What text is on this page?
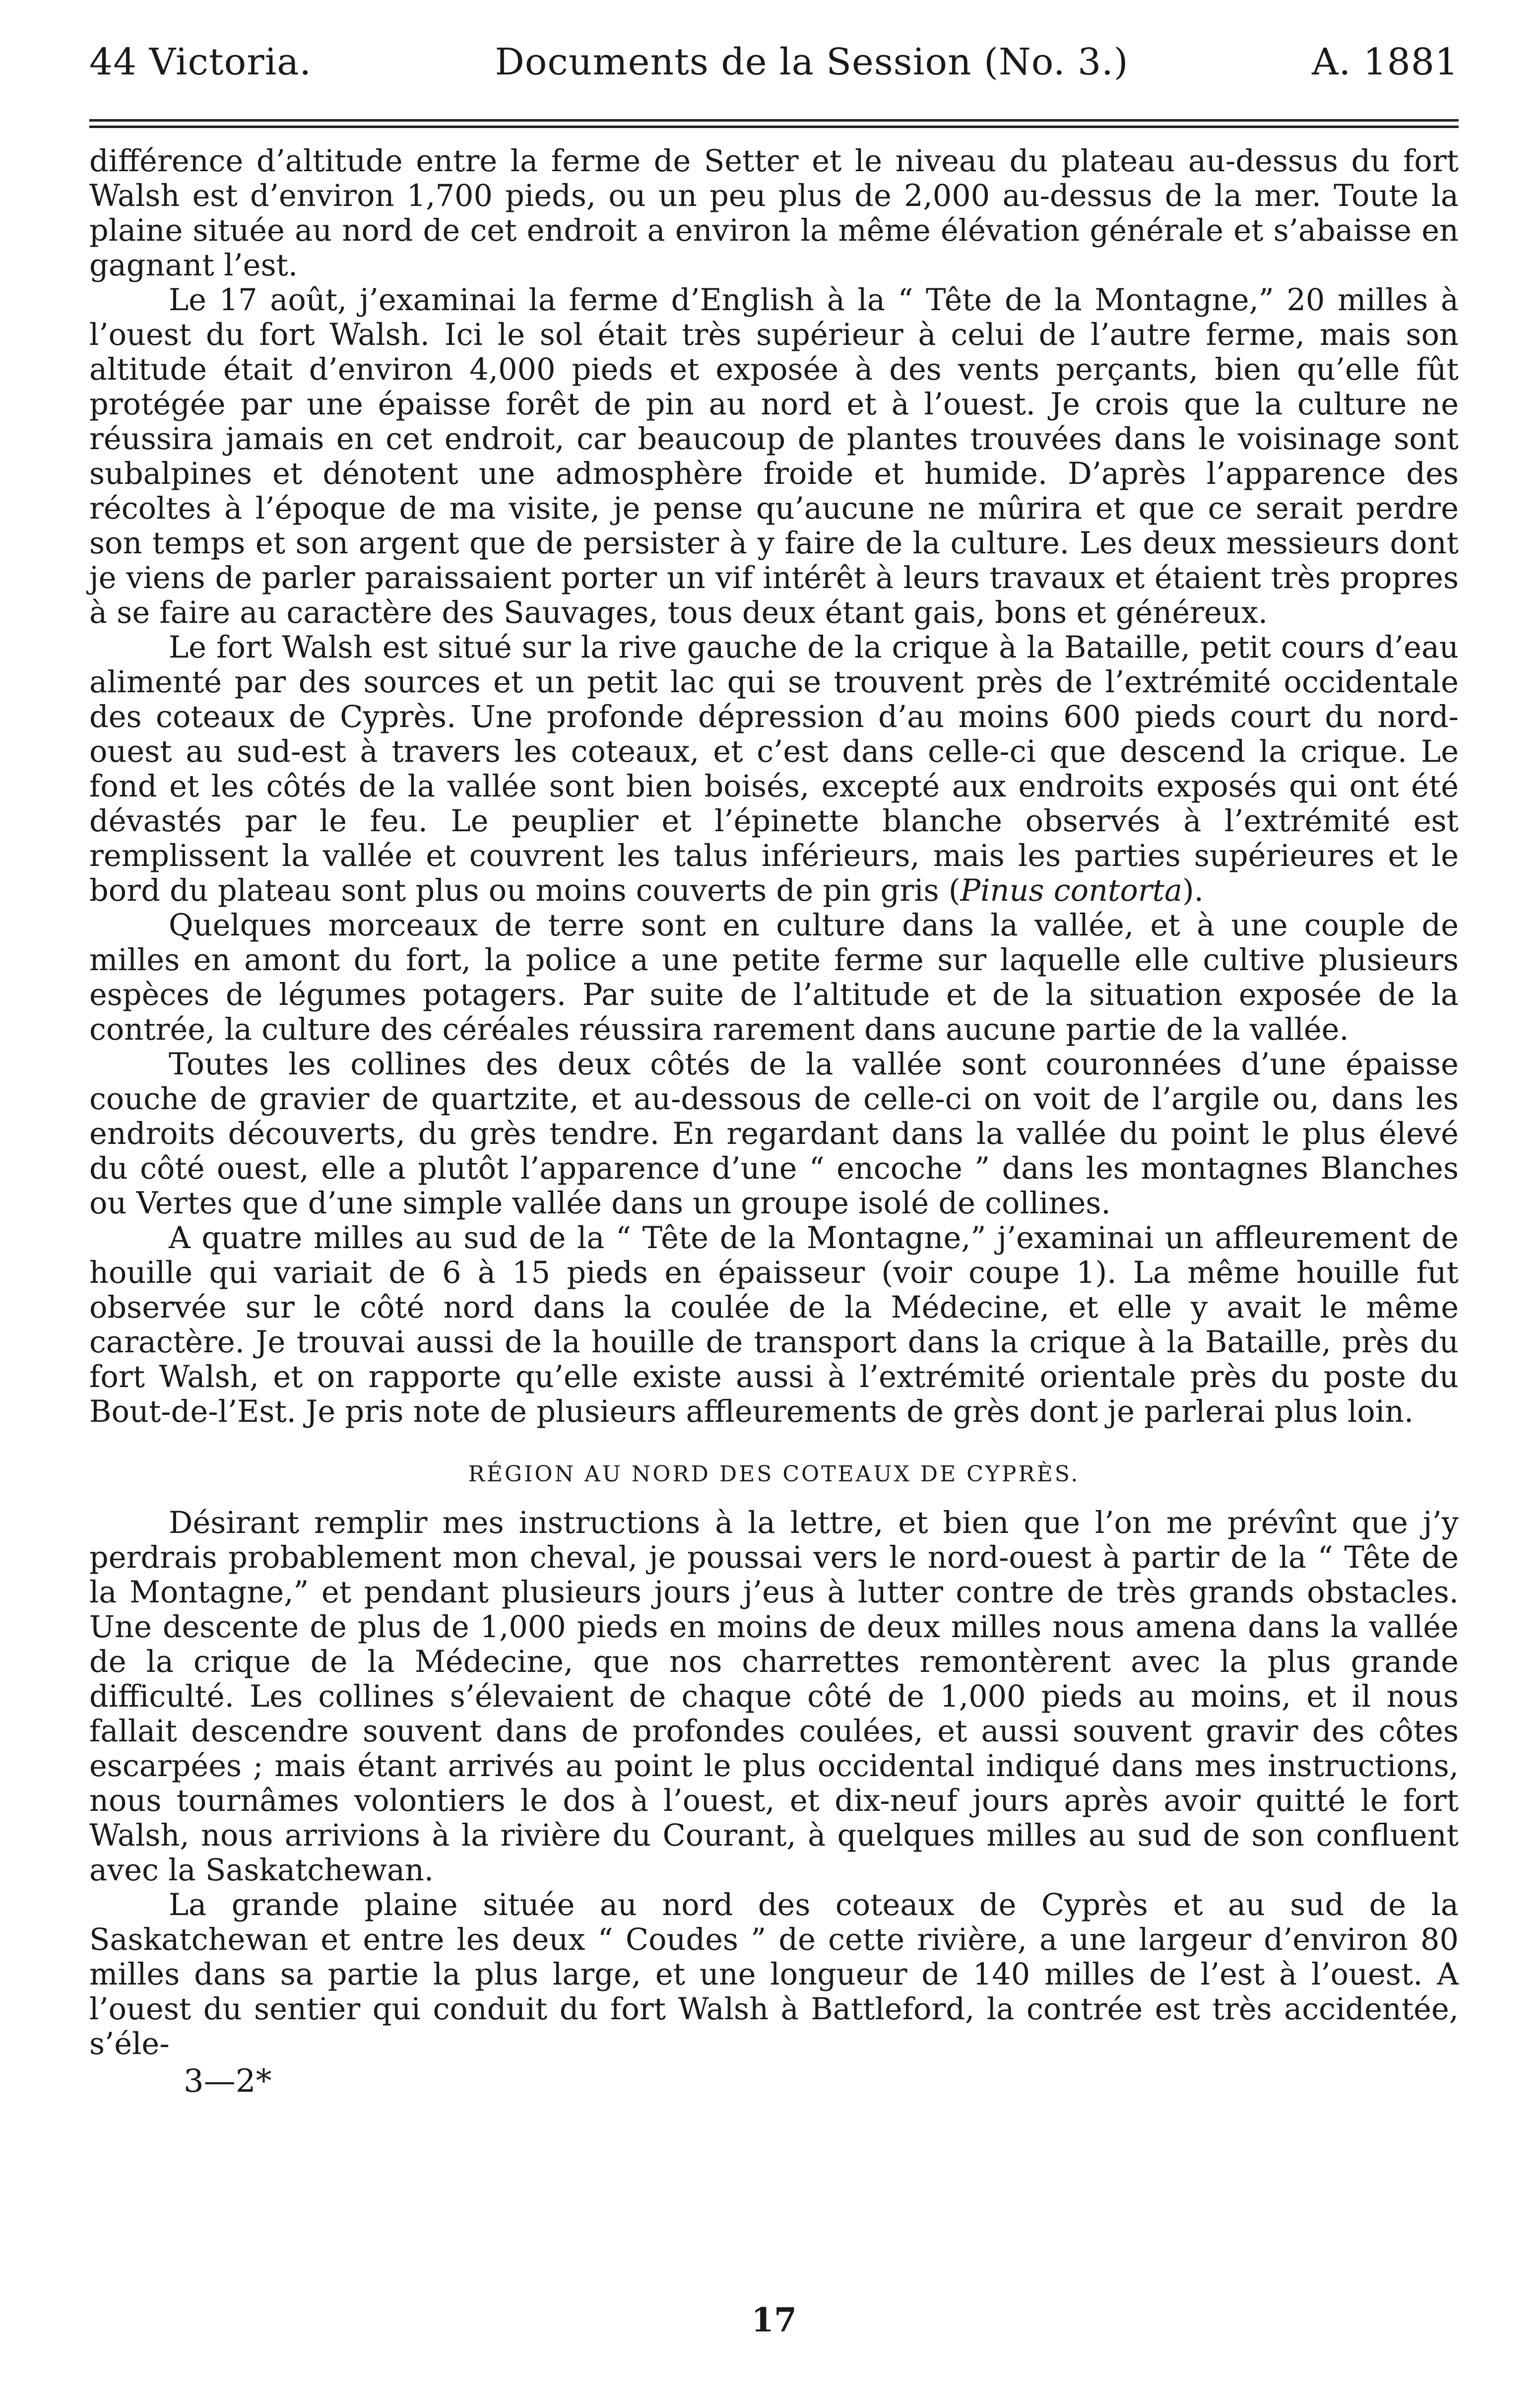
44 Victoria.	Documents de la Session (No. 3.)	A. 1881

différence d’altitude entre la ferme de Setter et le niveau du plateau au-dessus du fort Walsh est d’environ 1,700 pieds, ou un peu plus de 2,000 au-dessus de la mer. Toute la plaine située au nord de cet endroit a environ la même élévation générale et s’abaisse en gagnant l’est.

Le 17 août, j’examinai la ferme d’English à la “ Tête de la Montagne,” 20 milles à l’ouest du fort Walsh. Ici le sol était très supérieur à celui de l’autre ferme, mais son altitude était d’environ 4,000 pieds et exposée à des vents perçants, bien qu’elle fût protégée par une épaisse forêt de pin au nord et à l’ouest. Je crois que la culture ne réussira jamais en cet endroit, car beaucoup de plantes trouvées dans le voisinage sont subalpines et dénotent une admosphère froide et humide. D’après l’apparence des récoltes à l’époque de ma visite, je pense qu’aucune ne mûrira et que ce serait perdre son temps et son argent que de persister à y faire de la culture. Les deux messieurs dont je viens de parler paraissaient porter un vif intérêt à leurs travaux et étaient très propres à se faire au caractère des Sauvages, tous deux étant gais, bons et généreux.

Le fort Walsh est situé sur la rive gauche de la crique à la Bataille, petit cours d’eau alimenté par des sources et un petit lac qui se trouvent près de l’extrémité occidentale des coteaux de Cyprès. Une profonde dépression d’au moins 600 pieds court du nord-ouest au sud-est à travers les coteaux, et c’est dans celle-ci que descend la crique. Le fond et les côtés de la vallée sont bien boisés, excepté aux endroits exposés qui ont été dévastés par le feu. Le peuplier et l’épinette blanche observés à l’extrémité est remplissent la vallée et couvrent les talus inférieurs, mais les parties supérieures et le bord du plateau sont plus ou moins couverts de pin gris (Pinus contorta).

Quelques morceaux de terre sont en culture dans la vallée, et à une couple de milles en amont du fort, la police a une petite ferme sur laquelle elle cultive plusieurs espèces de légumes potagers. Par suite de l’altitude et de la situation exposée de la contrée, la culture des céréales réussira rarement dans aucune partie de la vallée.

Toutes les collines des deux côtés de la vallée sont couronnées d’une épaisse couche de gravier de quartzite, et au-dessous de celle-ci on voit de l’argile ou, dans les endroits découverts, du grès tendre. En regardant dans la vallée du point le plus élevé du côté ouest, elle a plutôt l’apparence d’une “ encoche ” dans les montagnes Blanches ou Vertes que d’une simple vallée dans un groupe isolé de collines.

A quatre milles au sud de la “ Tête de la Montagne,” j’examinai un affleurement de houille qui variait de 6 à 15 pieds en épaisseur (voir coupe 1). La même houille fut observée sur le côté nord dans la coulée de la Médecine, et elle y avait le même caractère. Je trouvai aussi de la houille de transport dans la crique à la Bataille, près du fort Walsh, et on rapporte qu’elle existe aussi à l’extrémité orientale près du poste du Bout-de-l’Est. Je pris note de plusieurs affleurements de grès dont je parlerai plus loin.

RÉGION AU NORD DES COTEAUX DE CYPRÈS.

Désirant remplir mes instructions à la lettre, et bien que l’on me prévînt que j’y perdrais probablement mon cheval, je poussai vers le nord-ouest à partir de la “ Tête de la Montagne,” et pendant plusieurs jours j’eus à lutter contre de très grands obstacles. Une descente de plus de 1,000 pieds en moins de deux milles nous amena dans la vallée de la crique de la Médecine, que nos charrettes remontèrent avec la plus grande difficulté. Les collines s’élevaient de chaque côté de 1,000 pieds au moins, et il nous fallait descendre souvent dans de profondes coulées, et aussi souvent gravir des côtes escarpées ; mais étant arrivés au point le plus occidental indiqué dans mes instructions, nous tournâmes volontiers le dos à l’ouest, et dix-neuf jours après avoir quitté le fort Walsh, nous arrivions à la rivière du Courant, à quelques milles au sud de son confluent avec la Saskatchewan.

La grande plaine située au nord des coteaux de Cyprès et au sud de la Saskatchewan et entre les deux “ Coudes ” de cette rivière, a une largeur d’environ 80 milles dans sa partie la plus large, et une longueur de 140 milles de l’est à l’ouest. A l’ouest du sentier qui conduit du fort Walsh à Battleford, la contrée est très accidentée, s’éle-

3—2*
17
